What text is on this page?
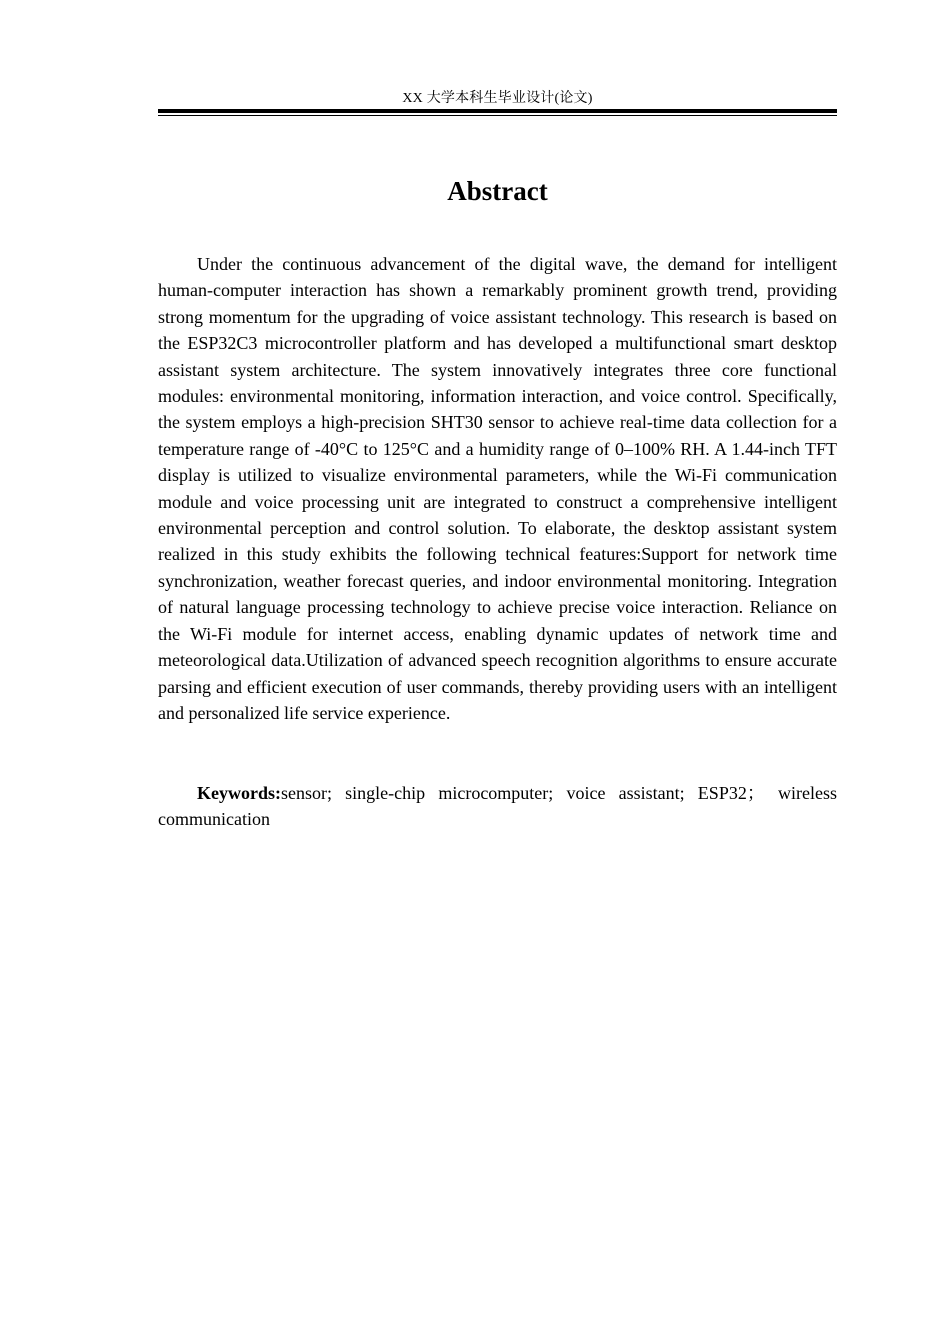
XX 大学本科生毕业设计(论文)
Abstract

Under the continuous advancement of the digital wave, the demand for intelligent human-computer interaction has shown a remarkably prominent growth trend, providing strong momentum for the upgrading of voice assistant technology. This research is based on the ESP32C3 microcontroller platform and has developed a multifunctional smart desktop assistant system architecture. The system innovatively integrates three core functional modules: environmental monitoring, information interaction, and voice control. Specifically, the system employs a high-precision SHT30 sensor to achieve real-time data collection for a temperature range of -40°C to 125°C and a humidity range of 0–100% RH. A 1.44-inch TFT display is utilized to visualize environmental parameters, while the Wi-Fi communication module and voice processing unit are integrated to construct a comprehensive intelligent environmental perception and control solution. To elaborate, the desktop assistant system realized in this study exhibits the following technical features:Support for network time synchronization, weather forecast queries, and indoor environmental monitoring. Integration of natural language processing technology to achieve precise voice interaction. Reliance on the Wi-Fi module for internet access, enabling dynamic updates of network time and meteorological data.Utilization of advanced speech recognition algorithms to ensure accurate parsing and efficient execution of user commands, thereby providing users with an intelligent and personalized life service experience.

Keywords:sensor; single-chip microcomputer; voice assistant; ESP32； wireless communication
